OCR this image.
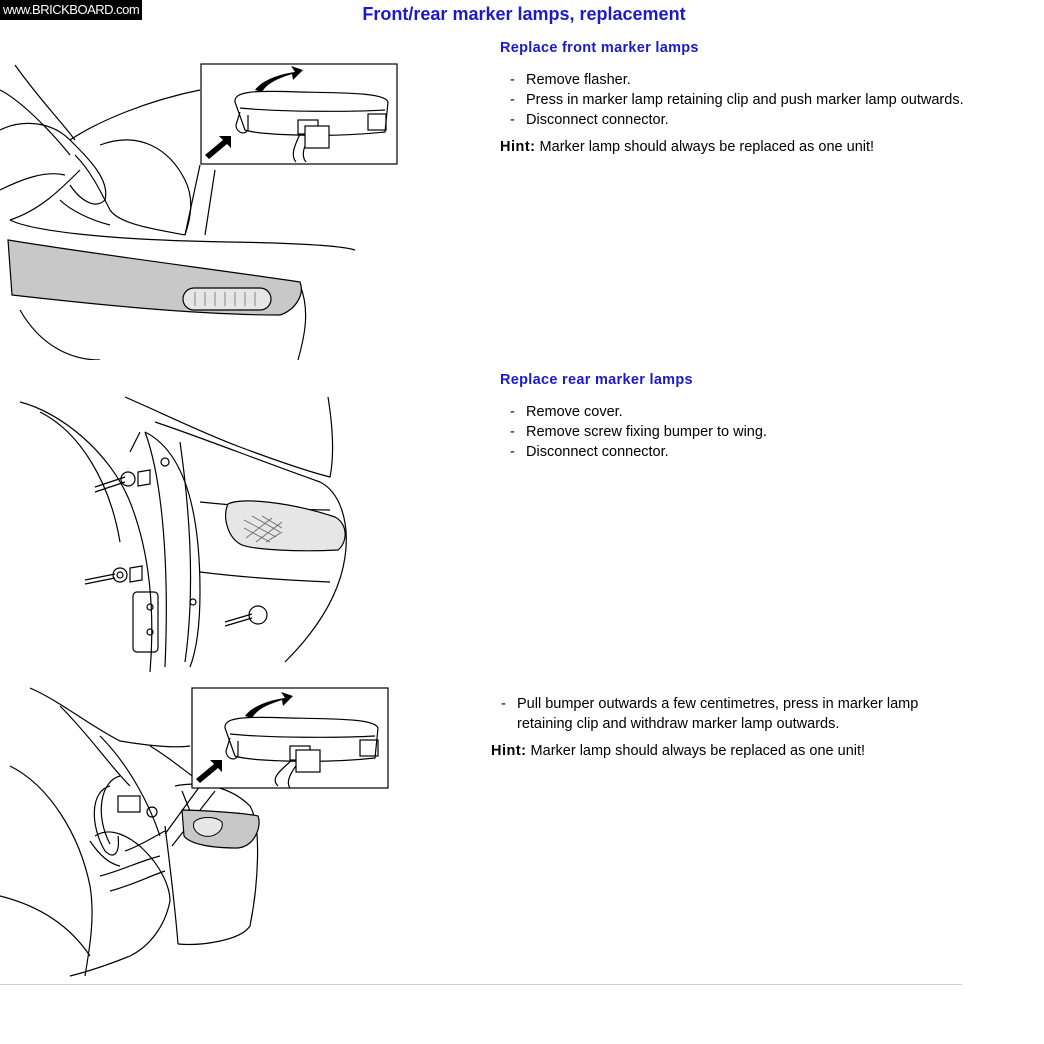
www.BRICKBOARD.com	Front/rear marker lamps, replacement
Replace front marker lamps
- Remove flasher.
- Press in marker lamp retaining clip and push marker lamp outwards.
- Disconnect connector.

Hint: Marker lamp should always be replaced as one unit!

Replace rear marker lamps
- Remove cover.
- Remove screw fixing bumper to wing.
- Disconnect connector.
- Pull bumper outwards a few centimetres, press in marker lamp
retaining clip and withdraw marker lamp outwards.

Hint: Marker lamp should always be replaced as one unit!
